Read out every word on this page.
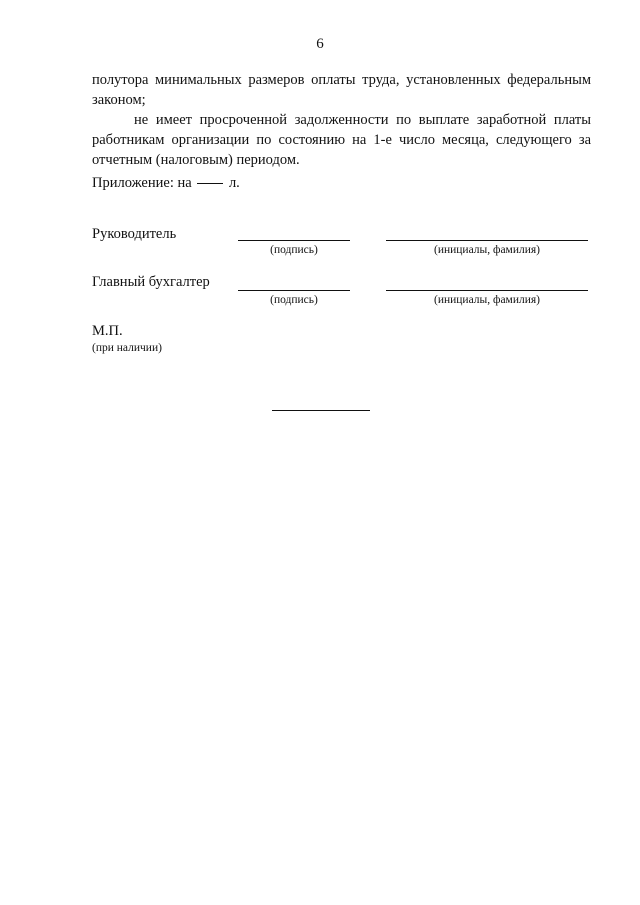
6
полутора минимальных размеров оплаты труда, установленных федеральным законом;
не имеет просроченной задолженности по выплате заработной платы работникам организации по состоянию на 1-е число месяца, следующего за отчетным (налоговым) периодом.
Приложение: на	л.
Руководитель
(подпись)	(инициалы, фамилия)
Главный бухгалтер
(подпись)	(инициалы, фамилия)
М.П.
(при наличии)
